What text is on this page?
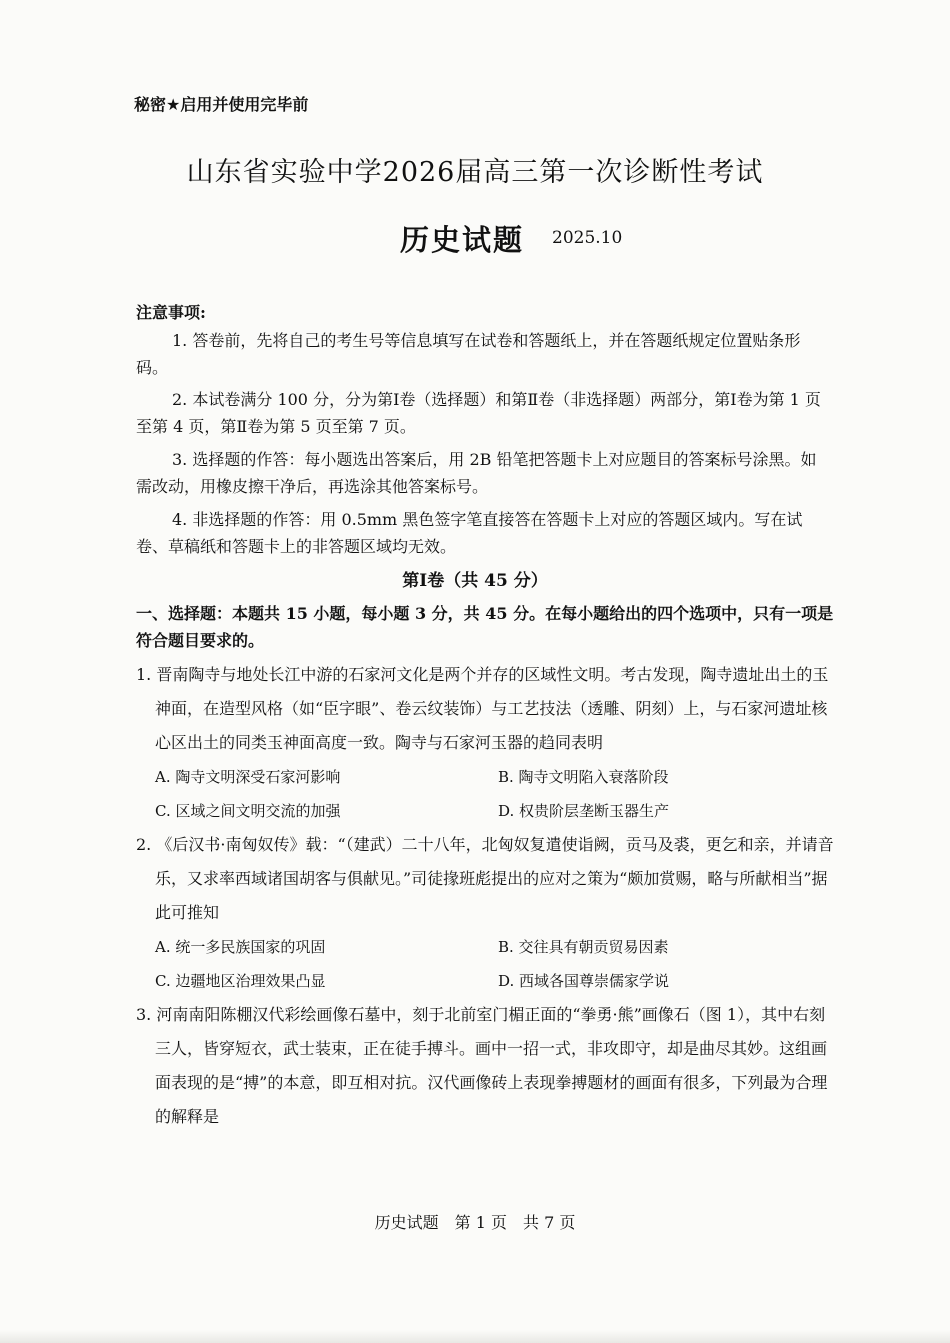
秘密★启用并使用完毕前
山东省实验中学2026届高三第一次诊断性考试
历史试题 2025.10
注意事项:
1. 答卷前，先将自己的考生号等信息填写在试卷和答题纸上，并在答题纸规定位置贴条形码。
2. 本试卷满分 100 分，分为第Ⅰ卷（选择题）和第Ⅱ卷（非选择题）两部分，第Ⅰ卷为第 1 页至第 4 页，第Ⅱ卷为第 5 页至第 7 页。
3. 选择题的作答：每小题选出答案后，用 2B 铅笔把答题卡上对应题目的答案标号涂黑。如需改动，用橡皮擦干净后，再选涂其他答案标号。
4. 非选择题的作答：用 0.5mm 黑色签字笔直接答在答题卡上对应的答题区域内。写在试卷、草稿纸和答题卡上的非答题区域均无效。
第Ⅰ卷（共 45 分）
一、选择题：本题共 15 小题，每小题 3 分，共 45 分。在每小题给出的四个选项中，只有一项是符合题目要求的。
1. 晋南陶寺与地处长江中游的石家河文化是两个并存的区域性文明。考古发现，陶寺遗址出土的玉神面，在造型风格（如“臣字眼”、卷云纹装饰）与工艺技法（透雕、阴刻）上，与石家河遗址核心区出土的同类玉神面高度一致。陶寺与石家河玉器的趋同表明
A. 陶寺文明深受石家河影响	B. 陶寺文明陷入衰落阶段
C. 区域之间文明交流的加强	D. 权贵阶层垄断玉器生产
2. 《后汉书·南匈奴传》载：“（建武）二十八年，北匈奴复遣使诣阙，贡马及裘，更乞和亲，并请音乐，又求率西域诸国胡客与俱献见。”司徒掾班彪提出的应对之策为“颇加赏赐，略与所献相当”据此可推知
A. 统一多民族国家的巩固	B. 交往具有朝贡贸易因素
C. 边疆地区治理效果凸显	D. 西域各国尊崇儒家学说
3. 河南南阳陈棚汉代彩绘画像石墓中，刻于北前室门楣正面的“拳勇·熊”画像石（图 1），其中右刻三人，皆穿短衣，武士装束，正在徒手搏斗。画中一招一式，非攻即守，却是曲尽其妙。这组画面表现的是“搏”的本意，即互相对抗。汉代画像砖上表现拳搏题材的画面有很多，下列最为合理的解释是
历史试题　第 1 页　共 7 页
